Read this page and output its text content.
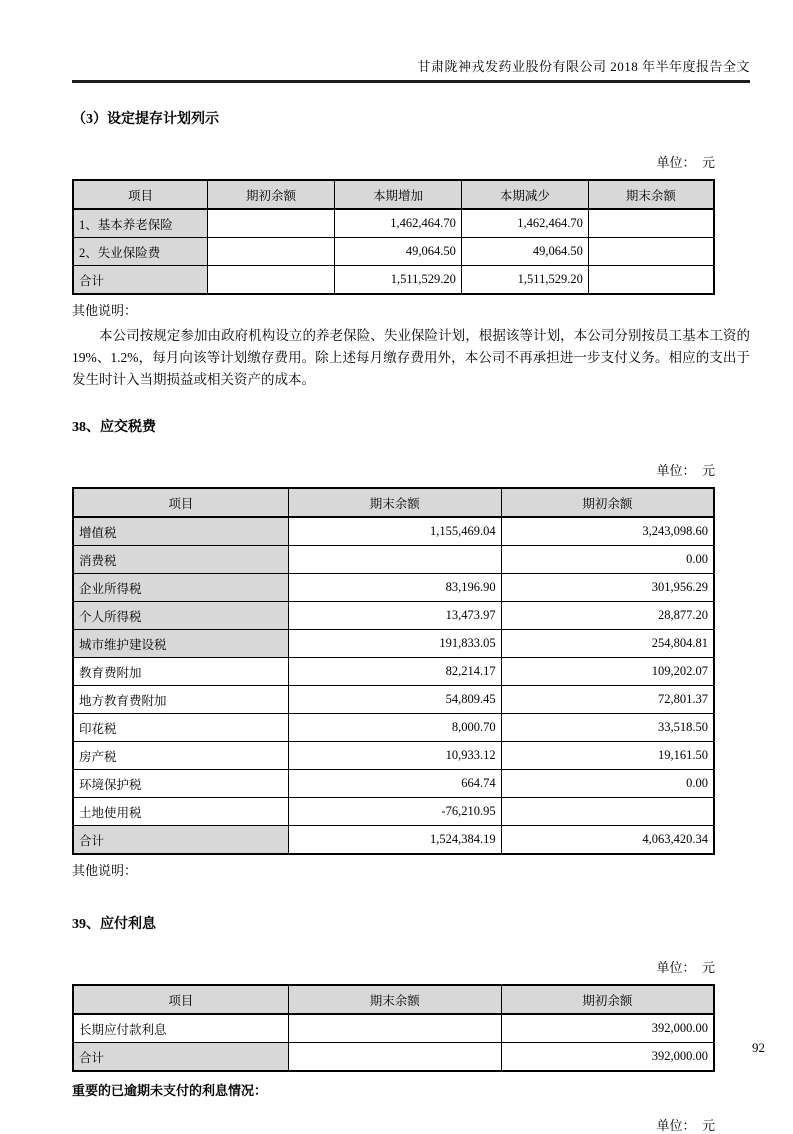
甘肃陇神戎发药业股份有限公司 2018 年半年度报告全文
（3）设定提存计划列示
单位：　元
项目	期初余额	本期增加	本期减少	期末余额
1、基本养老保险		1,462,464.70	1,462,464.70	
2、失业保险费		49,064.50	49,064.50	
合计		1,511,529.20	1,511,529.20	
其他说明：

本公司按规定参加由政府机构设立的养老保险、失业保险计划，根据该等计划，本公司分别按员工基本工资的19%、1.2%，每月向该等计划缴存费用。除上述每月缴存费用外，本公司不再承担进一步支付义务。相应的支出于发生时计入当期损益或相关资产的成本。

38、应交税费
单位：　元
项目	期末余额	期初余额
增值税	1,155,469.04	3,243,098.60
消费税		0.00
企业所得税	83,196.90	301,956.29
个人所得税	13,473.97	28,877.20
城市维护建设税	191,833.05	254,804.81
教育费附加	82,214.17	109,202.07
地方教育费附加	54,809.45	72,801.37
印花税	8,000.70	33,518.50
房产税	10,933.12	19,161.50
环境保护税	664.74	0.00
土地使用税	-76,210.95	
合计	1,524,384.19	4,063,420.34
其他说明：
39、应付利息
单位：　元
项目	期末余额	期初余额
长期应付款利息		392,000.00
合计		392,000.00
重要的已逾期未支付的利息情况：
单位：　元
92
